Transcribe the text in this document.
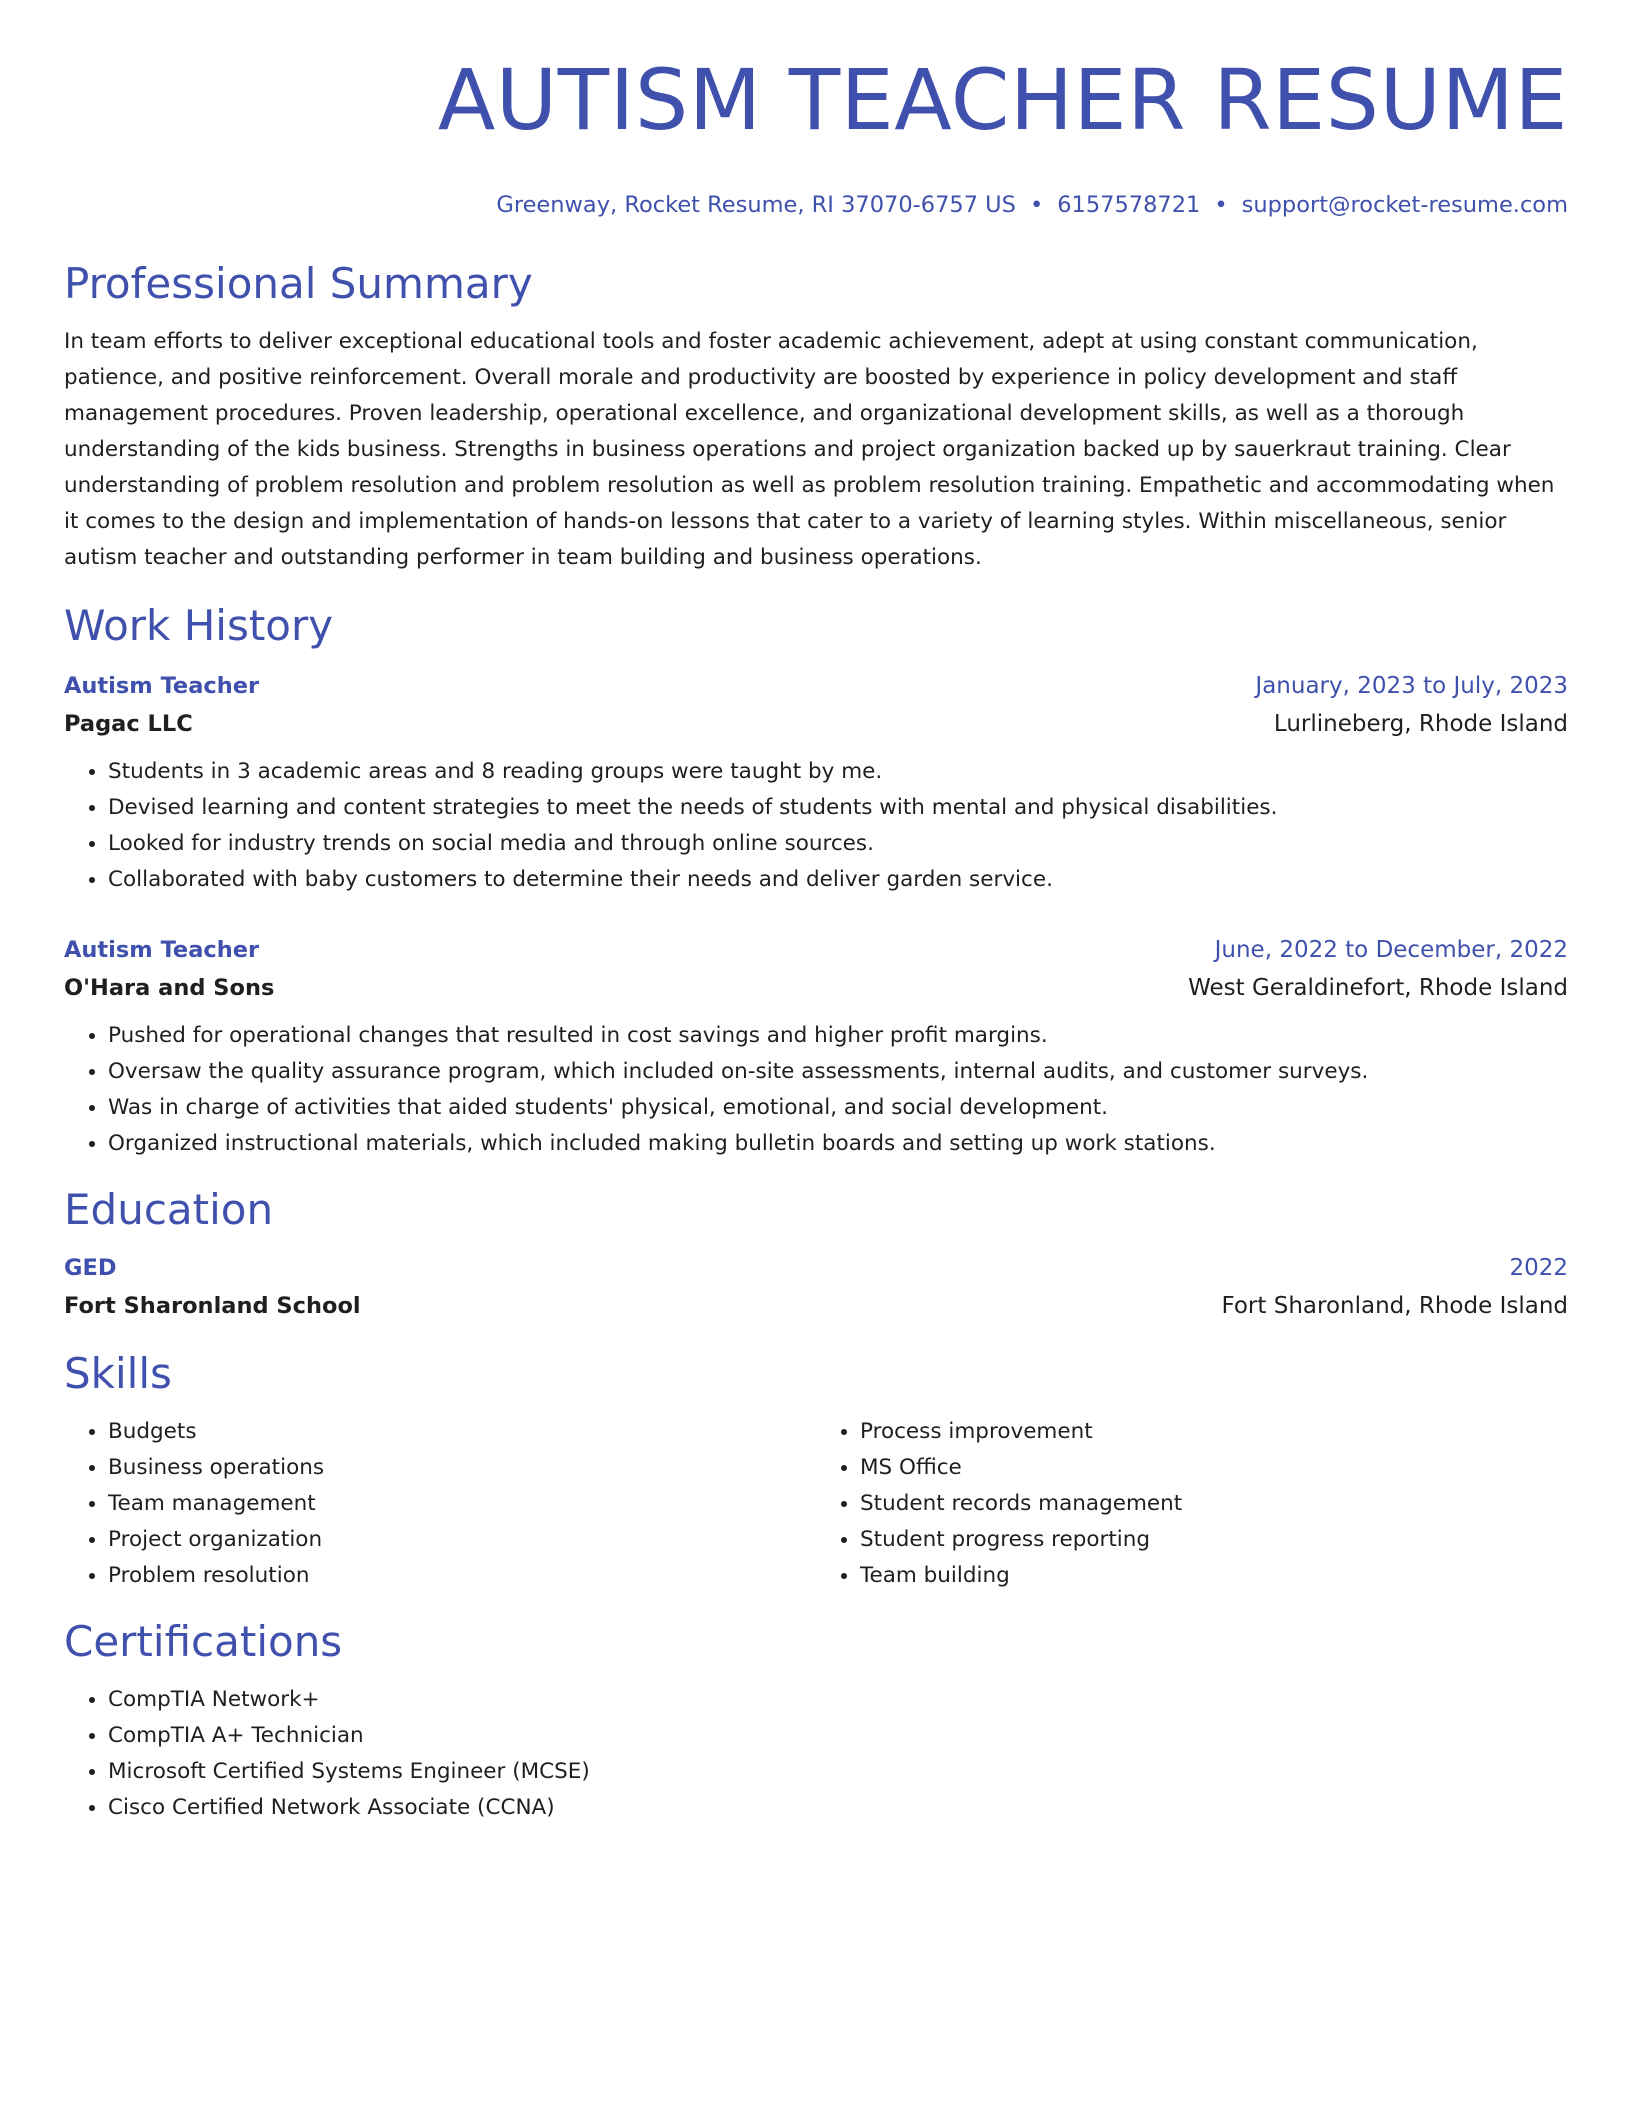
AUTISM TEACHER RESUME
Greenway, Rocket Resume, RI 37070-6757 US • 6157578721 • support@rocket-resume.com
Professional Summary

In team efforts to deliver exceptional educational tools and foster academic achievement, adept at using constant communication, patience, and positive reinforcement. Overall morale and productivity are boosted by experience in policy development and staff management procedures. Proven leadership, operational excellence, and organizational development skills, as well as a thorough understanding of the kids business. Strengths in business operations and project organization backed up by sauerkraut training. Clear understanding of problem resolution and problem resolution as well as problem resolution training. Empathetic and accommodating when it comes to the design and implementation of hands-on lessons that cater to a variety of learning styles. Within miscellaneous, senior autism teacher and outstanding performer in team building and business operations.

Work History
Autism Teacher	January, 2023 to July, 2023
Pagac LLC	Lurlineberg, Rhode Island
• Students in 3 academic areas and 8 reading groups were taught by me.
• Devised learning and content strategies to meet the needs of students with mental and physical disabilities.
• Looked for industry trends on social media and through online sources.
• Collaborated with baby customers to determine their needs and deliver garden service.
Autism Teacher	June, 2022 to December, 2022
O'Hara and Sons	West Geraldinefort, Rhode Island
• Pushed for operational changes that resulted in cost savings and higher profit margins.
• Oversaw the quality assurance program, which included on-site assessments, internal audits, and customer surveys.
• Was in charge of activities that aided students' physical, emotional, and social development.
• Organized instructional materials, which included making bulletin boards and setting up work stations.
Education
GED	2022
Fort Sharonland School	Fort Sharonland, Rhode Island
Skills
• Budgets
• Business operations
• Team management
• Project organization
• Problem resolution
• Process improvement
• MS Office
• Student records management
• Student progress reporting
• Team building
Certifications
• CompTIA Network+
• CompTIA A+ Technician
• Microsoft Certified Systems Engineer (MCSE)
• Cisco Certified Network Associate (CCNA)
